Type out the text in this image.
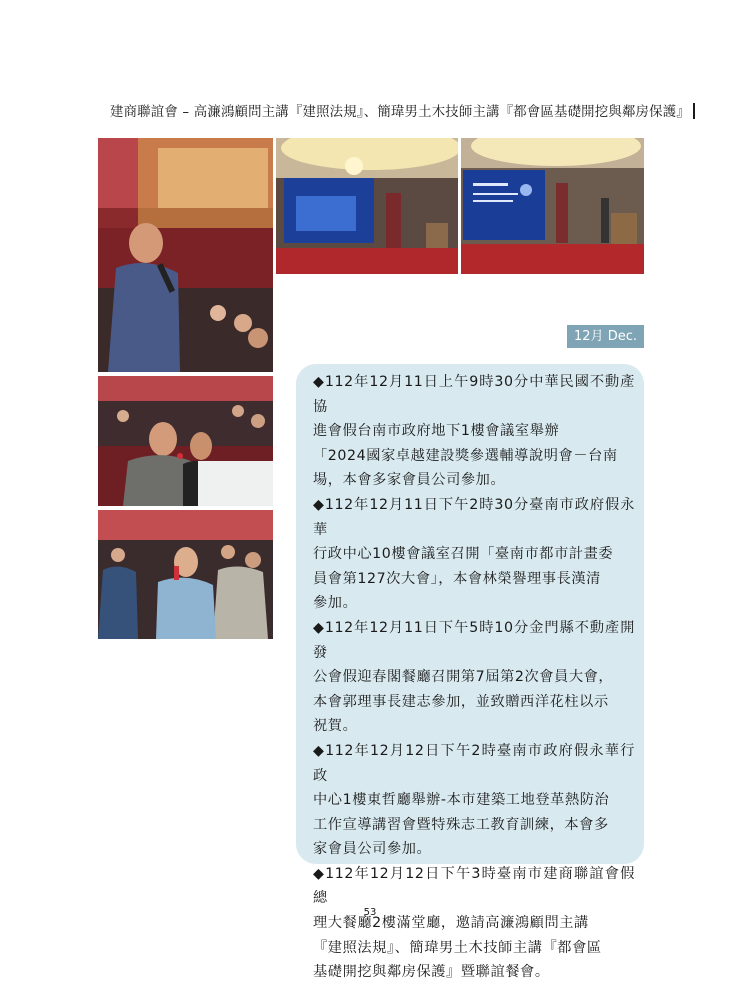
建商聯誼會 – 高濂鴻顧問主講『建照法規』、簡瑋男土木技師主講『都會區基礎開挖與鄰房保護』
12月 Dec.

◆112年12月11日上午9時30分中華民國不動產協

進會假台南市政府地下1樓會議室舉辦

「2024國家卓越建設獎參選輔導說明會－台南

場，本會多家會員公司參加。

◆112年12月11日下午2時30分臺南市政府假永華

行政中心10樓會議室召開「臺南市都市計畫委

員會第127次大會」，本會林榮譽理事長漢清

參加。

◆112年12月11日下午5時10分金門縣不動產開發

公會假迎春閣餐廳召開第7屆第2次會員大會，

本會郭理事長建志參加，並致贈西洋花柱以示

祝賀。

◆112年12月12日下午2時臺南市政府假永華行政

中心1樓東哲廳舉辦-本市建築工地登革熱防治

工作宣導講習會暨特殊志工教育訓練，本會多

家會員公司參加。

◆112年12月12日下午3時臺南市建商聯誼會假總

理大餐廳2樓滿堂廳，邀請高濂鴻顧問主講

『建照法規』、簡瑋男土木技師主講『都會區

基礎開挖與鄰房保護』暨聯誼餐會。

53
